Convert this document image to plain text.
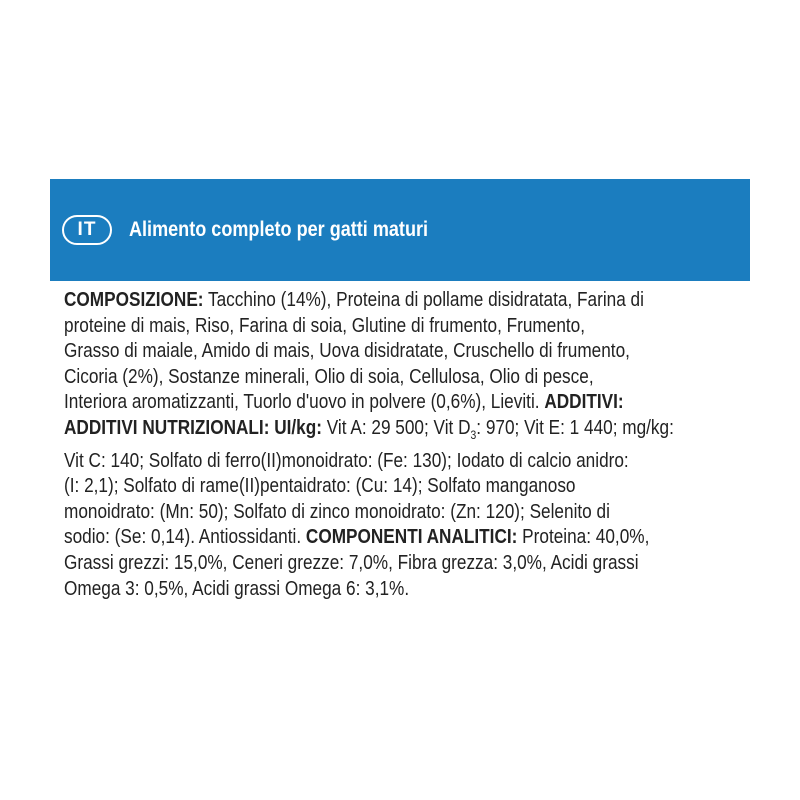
IT Alimento completo per gatti maturi

COMPOSIZIONE: Tacchino (14%), Proteina di pollame disidratata, Farina di

proteine di mais, Riso, Farina di soia, Glutine di frumento, Frumento,

Grasso di maiale, Amido di mais, Uova disidratate, Cruschello di frumento,

Cicoria (2%), Sostanze minerali, Olio di soia, Cellulosa, Olio di pesce,

Interiora aromatizzanti, Tuorlo d'uovo in polvere (0,6%), Lieviti. ADDITIVI:

ADDITIVI NUTRIZIONALI: UI/kg: Vit A: 29 500; Vit $D_3$: 970; Vit E: 1 440; mg/kg:

Vit C: 140; Solfato di ferro(II)monoidrato: (Fe: 130); Iodato di calcio anidro:

(I: 2,1); Solfato di rame(II)pentaidrato: (Cu: 14); Solfato manganoso

monoidrato: (Mn: 50); Solfato di zinco monoidrato: (Zn: 120); Selenito di

sodio: (Se: 0,14). Antiossidanti. COMPONENTI ANALITICI: Proteina: 40,0%,

Grassi grezzi: 15,0%, Ceneri grezze: 7,0%, Fibra grezza: 3,0%, Acidi grassi

Omega 3: 0,5%, Acidi grassi Omega 6: 3,1%.
